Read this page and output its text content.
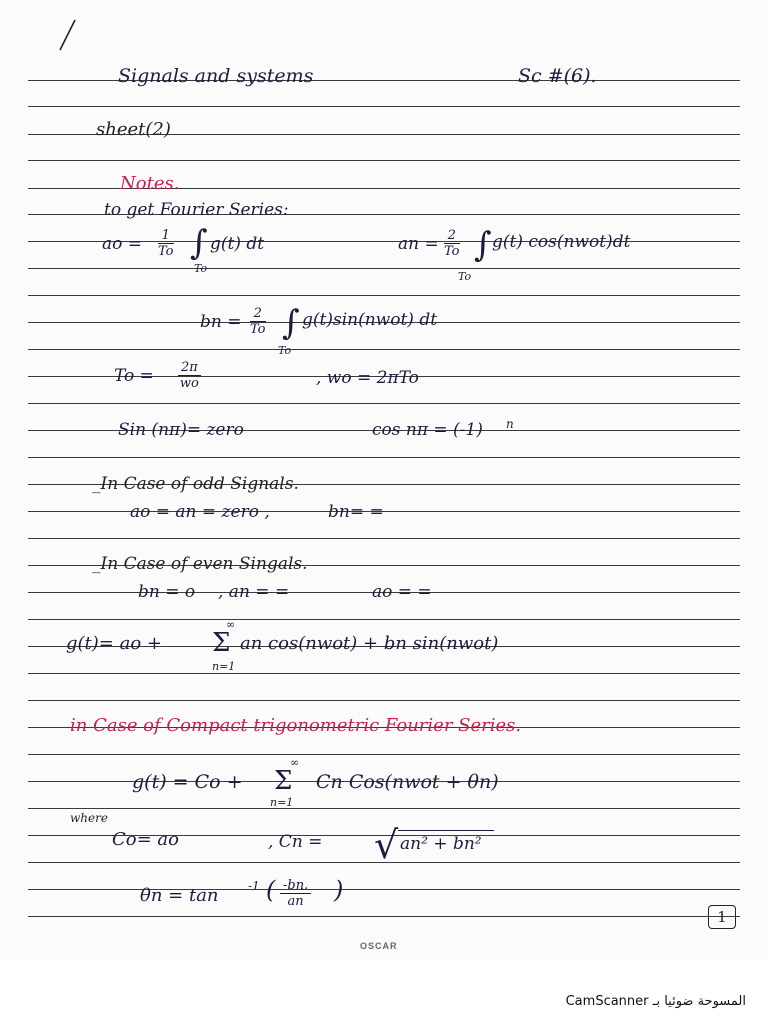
Signals and systems	Sc #(6).
sheet(2)
Notes.
to get Fourier Series:
ao = $\frac{1}{To}$ ∫
To
g(t) dt	an = $\frac{2}{To}$ ∫
To
g(t) cos(nwot)dt
bn = $\frac{2}{To}$ ∫
To
g(t)sin(nwot) dt
$To = \frac{2\pi}{wo}$	, wo = 2πTo
Sin (nπ)= zero	cos nπ = (-1) n
_In Case of odd Signals.
ao = an = zero ,	bn= =
_In Case of even Singals.
bn = o , an = =	ao = =
g(t)= ao +
∞
Σ
n=1
an cos(nwot) + bn sin(nwot)
in Case of Compact trigonometric Fourier Series.
g(t) = Co +
∞
Σ
n=1
Cn Cos(nwot + θn)
where
Co= ao	, Cn = √ an² + bn²
θn = tan -1 ( $\frac{-bn.}{an}$ )
1
OSCAR
CamScanner المسوحة ضوئيا بـ
